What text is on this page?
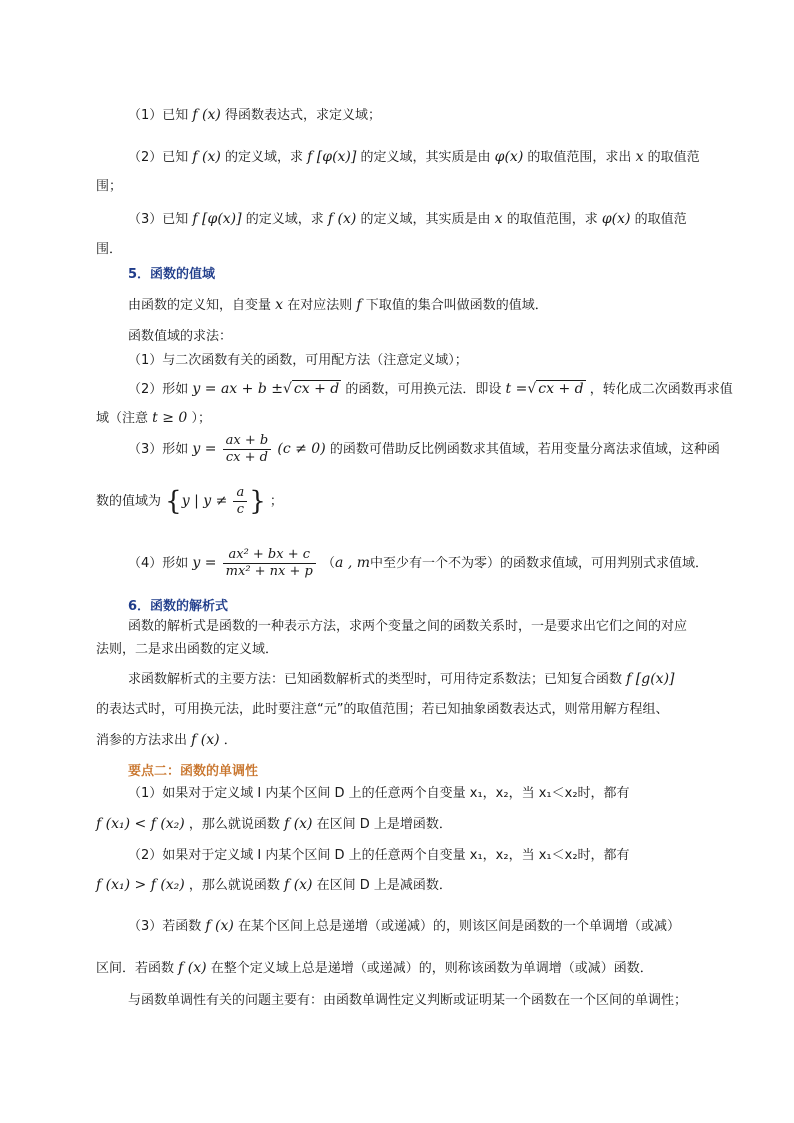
（1）已知 f (x) 得函数表达式，求定义域；

（2）已知 f (x) 的定义域，求 f [φ(x)] 的定义域，其实质是由 φ(x) 的取值范围，求出 x 的取值范

围；

（3）已知 f [φ(x)] 的定义域，求 f (x) 的定义域，其实质是由 x 的取值范围，求 φ(x) 的取值范

围．

5．函数的值域

由函数的定义知，自变量 x 在对应法则 f 下取值的集合叫做函数的值域．

函数值域的求法：

（1）与二次函数有关的函数，可用配方法（注意定义域）；

（2）形如 y = ax + b ±√ cx + d 的函数，可用换元法．即设 t =√ cx + d ，转化成二次函数再求值

域（注意 t ≥ 0 ）；

（3）形如 $y = \frac{ax + b}{cx + d} (c \ne 0)$ 的函数可借助反比例函数求其值域，若用变量分离法求值域，这种函

数的值域为 {y | $y \ne \frac{a}{c}$ } ；

（4）形如 $y = \frac{\text{ax² + bx + c}}{\text{mx² + nx + p}} (a$ , m中至少有一个不为零）的函数求值域，可用判别式求值域．

6．函数的解析式

函数的解析式是函数的一种表示方法，求两个变量之间的函数关系时，一是要求出它们之间的对应

法则，二是求出函数的定义域．

求函数解析式的主要方法：已知函数解析式的类型时，可用待定系数法；已知复合函数 f [g(x)]

的表达式时，可用换元法，此时要注意“元”的取值范围；若已知抽象函数表达式，则常用解方程组、

消参的方法求出 f (x) ．

要点二：函数的单调性

（1）如果对于定义域 I 内某个区间 D 上的任意两个自变量 x₁，x₂，当 x₁＜x₂时，都有

f (x₁) < f (x₂) ，那么就说函数 f (x) 在区间 D 上是增函数．

（2）如果对于定义域 I 内某个区间 D 上的任意两个自变量 x₁，x₂，当 x₁＜x₂时，都有

f (x₁) > f (x₂) ，那么就说函数 f (x) 在区间 D 上是减函数．

（3）若函数 f (x) 在某个区间上总是递增（或递减）的，则该区间是函数的一个单调增（或减）

区间．若函数 f (x) 在整个定义域上总是递增（或递减）的，则称该函数为单调增（或减）函数．

与函数单调性有关的问题主要有：由函数单调性定义判断或证明某一个函数在一个区间的单调性；
